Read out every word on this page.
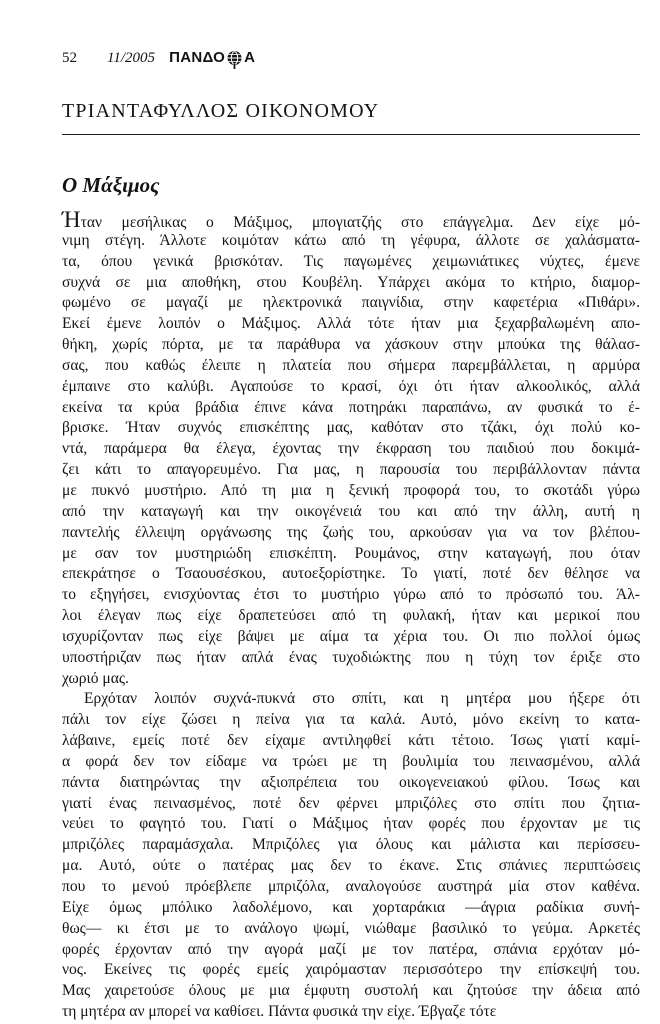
52 11/2005 ΠΑΝΔΟ Α
ΤΡΙΑΝΤΑΦΥΛΛΟΣ ΟΙΚΟΝΟΜΟΥ
Ο Μάξιμος
Ήταν μεσήλικας ο Μάξιμος, μπογιατζής στο επάγγελμα. Δεν είχε μό-
νιμη στέγη. Άλλοτε κοιμόταν κάτω από τη γέφυρα, άλλοτε σε χαλάσματα-
τα, όπου γενικά βρισκόταν. Τις παγωμένες χειμωνιάτικες νύχτες, έμενε
συχνά σε μια αποθήκη, στου Κουβέλη. Υπάρχει ακόμα το κτήριο, διαμορ-
φωμένο σε μαγαζί με ηλεκτρονικά παιγνίδια, στην καφετέρια «Πιθάρι».
Εκεί έμενε λοιπόν ο Μάξιμος. Αλλά τότε ήταν μια ξεχαρβαλωμένη απο-
θήκη, χωρίς πόρτα, με τα παράθυρα να χάσκουν στην μπούκα της θάλασ-
σας, που καθώς έλειπε η πλατεία που σήμερα παρεμβάλλεται, η αρμύρα
έμπαινε στο καλύβι. Αγαπούσε το κρασί, όχι ότι ήταν αλκοολικός, αλλά
εκείνα τα κρύα βράδια έπινε κάνα ποτηράκι παραπάνω, αν φυσικά το έ-
βρισκε. Ήταν συχνός επισκέπτης μας, καθόταν στο τζάκι, όχι πολύ κο-
ντά, παράμερα θα έλεγα, έχοντας την έκφραση του παιδιού που δοκιμά-
ζει κάτι το απαγορευμένο. Για μας, η παρουσία του περιβάλλονταν πάντα
με πυκνό μυστήριο. Από τη μια η ξενική προφορά του, το σκοτάδι γύρω
από την καταγωγή και την οικογένειά του και από την άλλη, αυτή η
παντελής έλλειψη οργάνωσης της ζωής του, αρκούσαν για να τον βλέπου-
με σαν τον μυστηριώδη επισκέπτη. Ρουμάνος, στην καταγωγή, που όταν
επεκράτησε ο Τσαουσέσκου, αυτοεξορίστηκε. Το γιατί, ποτέ δεν θέλησε να
το εξηγήσει, ενισχύοντας έτσι το μυστήριο γύρω από το πρόσωπό του. Άλ-
λοι έλεγαν πως είχε δραπετεύσει από τη φυλακή, ήταν και μερικοί που
ισχυρίζονταν πως είχε βάψει με αίμα τα χέρια του. Οι πιο πολλοί όμως
υποστήριζαν πως ήταν απλά ένας τυχοδιώκτης που η τύχη τον έριξε στο
χωριό μας.
Ερχόταν λοιπόν συχνά-πυκνά στο σπίτι, και η μητέρα μου ήξερε ότι
πάλι τον είχε ζώσει η πείνα για τα καλά. Αυτό, μόνο εκείνη το κατα-
λάβαινε, εμείς ποτέ δεν είχαμε αντιληφθεί κάτι τέτοιο. Ίσως γιατί καμί-
α φορά δεν τον είδαμε να τρώει με τη βουλιμία του πεινασμένου, αλλά
πάντα διατηρώντας την αξιοπρέπεια του οικογενειακού φίλου. Ίσως και
γιατί ένας πεινασμένος, ποτέ δεν φέρνει μπριζόλες στο σπίτι που ζητια-
νεύει το φαγητό του. Γιατί ο Μάξιμος ήταν φορές που έρχονταν με τις
μπριζόλες παραμάσχαλα. Μπριζόλες για όλους και μάλιστα και περίσσευ-
μα. Αυτό, ούτε ο πατέρας μας δεν το έκανε. Στις σπάνιες περιπτώσεις
που το μενού πρόεβλεπε μπριζόλα, αναλογούσε αυστηρά μία στον καθένα.
Είχε όμως μπόλικο λαδολέμονο, και χορταράκια —άγρια ραδίκια συνή-
θως— κι έτσι με το ανάλογο ψωμί, νιώθαμε βασιλικό το γεύμα. Αρκετές
φορές έρχονταν από την αγορά μαζί με τον πατέρα, σπάνια ερχόταν μό-
νος. Εκείνες τις φορές εμείς χαιρόμασταν περισσότερο την επίσκεψή του.
Μας χαιρετούσε όλους με μια έμφυτη συστολή και ζητούσε την άδεια από
τη μητέρα αν μπορεί να καθίσει. Πάντα φυσικά την είχε. Έβγαζε τότε
